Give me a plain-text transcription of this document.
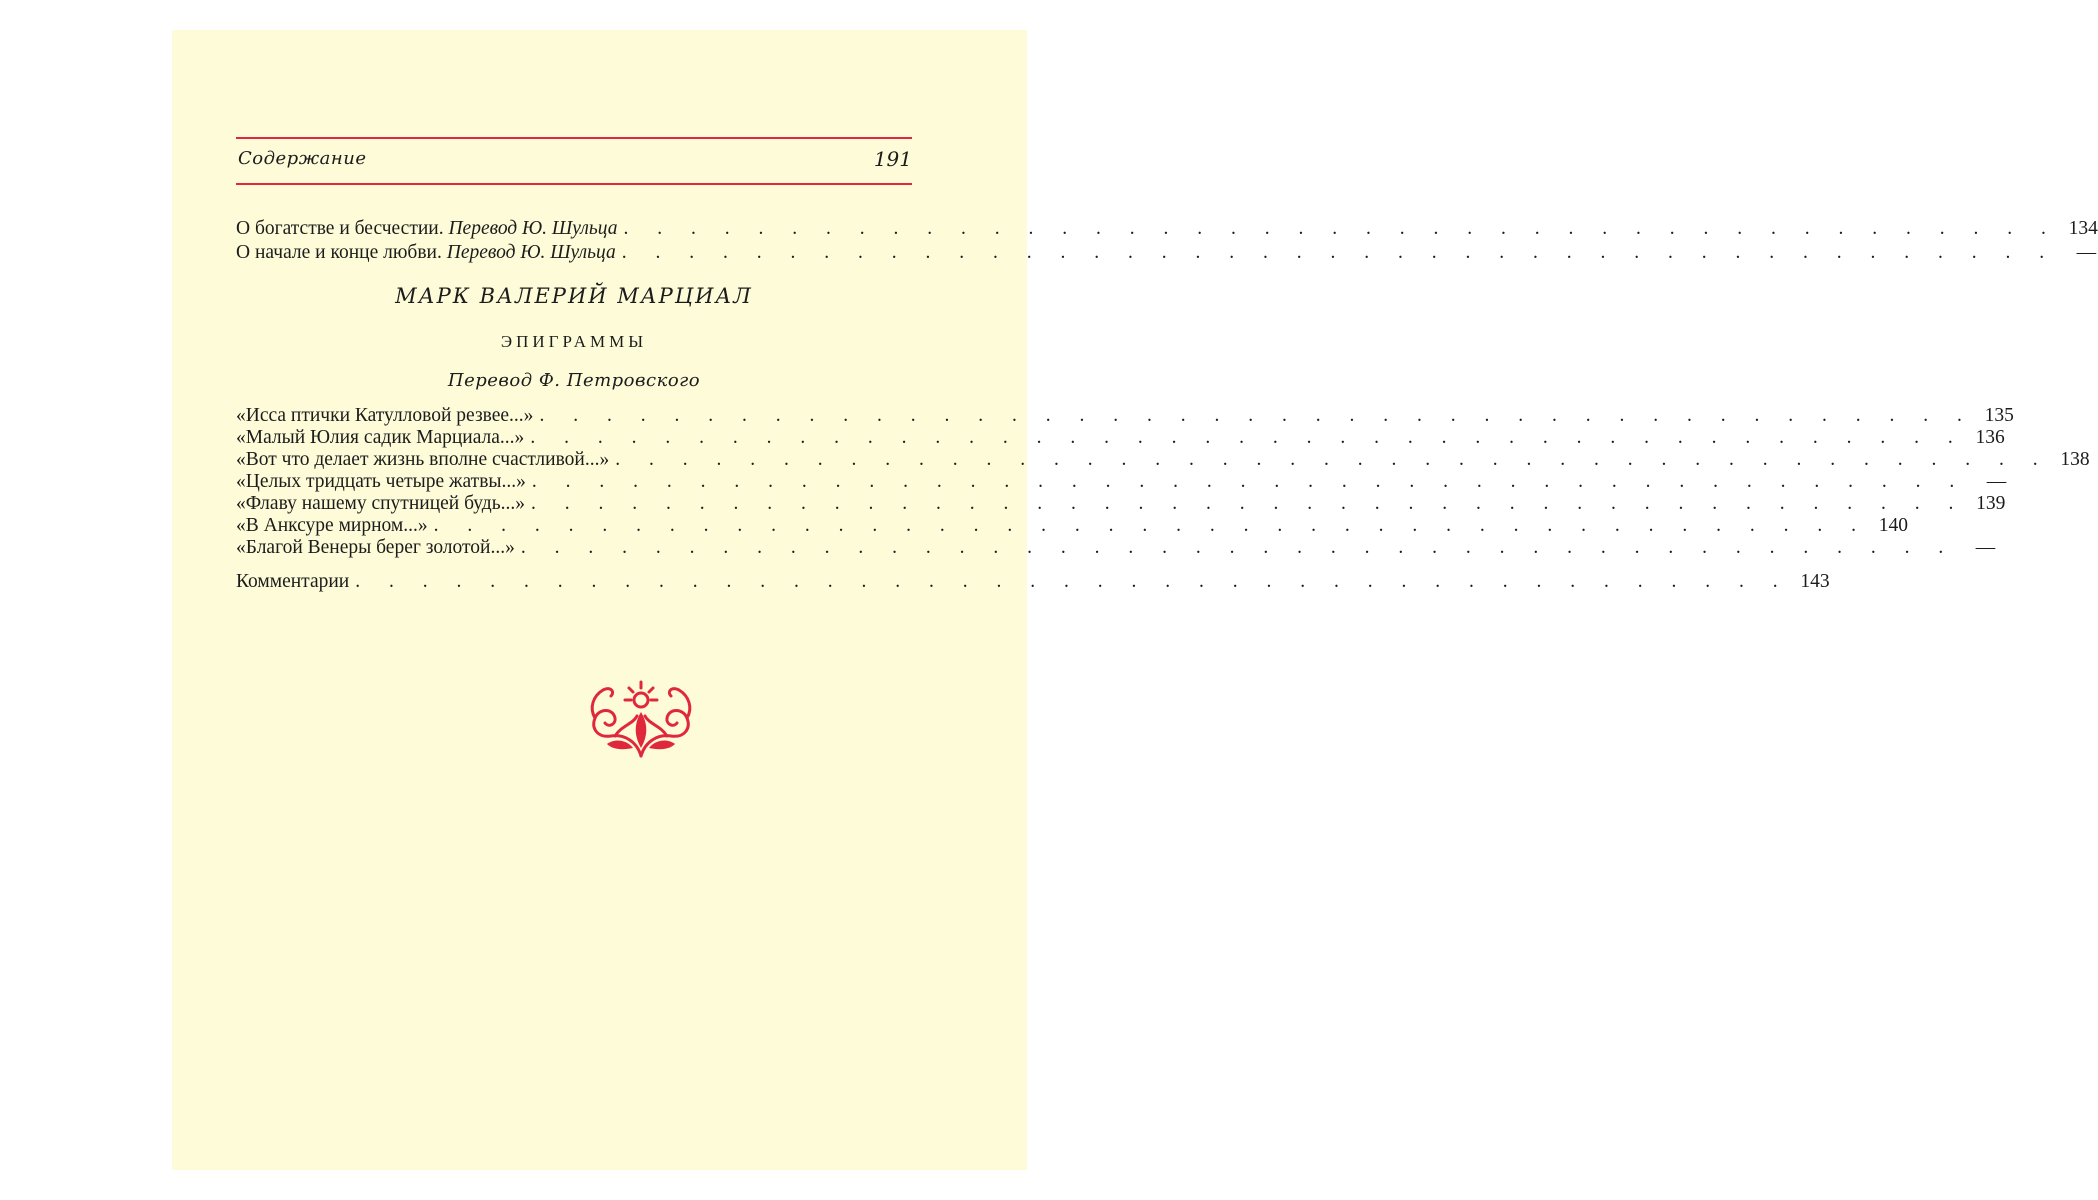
Содержание	191
О богатстве и бесчестии. Перевод Ю. Шульца . . . . . . . . . . . . . . . . . . . . . . . . . . . . . . . . . . . . . . . . . . . 134
О начале и конце любви. Перевод Ю. Шульца . . . . . . . . . . . . . . . . . . . . . . . . . . . . . . . . . . . . . . . . . . .	—
МАРК ВАЛЕРИЙ МАРЦИАЛ
ЭПИГРАММЫ
Перевод Ф. Петровского
«Исса птички Катулловой резвее...» . . . . . . . . . . . . . . . . . . . . . . . . . . . . . . . . . . . . . . . . . . . 135
«Малый Юлия садик Марциала...» . . . . . . . . . . . . . . . . . . . . . . . . . . . . . . . . . . . . . . . . . . . 136
«Вот что делает жизнь вполне счастливой...» . . . . . . . . . . . . . . . . . . . . . . . . . . . . . . . . . . . . . . . . . . . 138
«Целых тридцать четыре жатвы...» . . . . . . . . . . . . . . . . . . . . . . . . . . . . . . . . . . . . . . . . . . .	—
«Флаву нашему спутницей будь...» . . . . . . . . . . . . . . . . . . . . . . . . . . . . . . . . . . . . . . . . . . . 139
«В Анксуре мирном...» . . . . . . . . . . . . . . . . . . . . . . . . . . . . . . . . . . . . . . . . . . . 140
«Благой Венеры берег золотой...» . . . . . . . . . . . . . . . . . . . . . . . . . . . . . . . . . . . . . . . . . . .	—
Комментарии . . . . . . . . . . . . . . . . . . . . . . . . . . . . . . . . . . . . . . . . . . . 143
